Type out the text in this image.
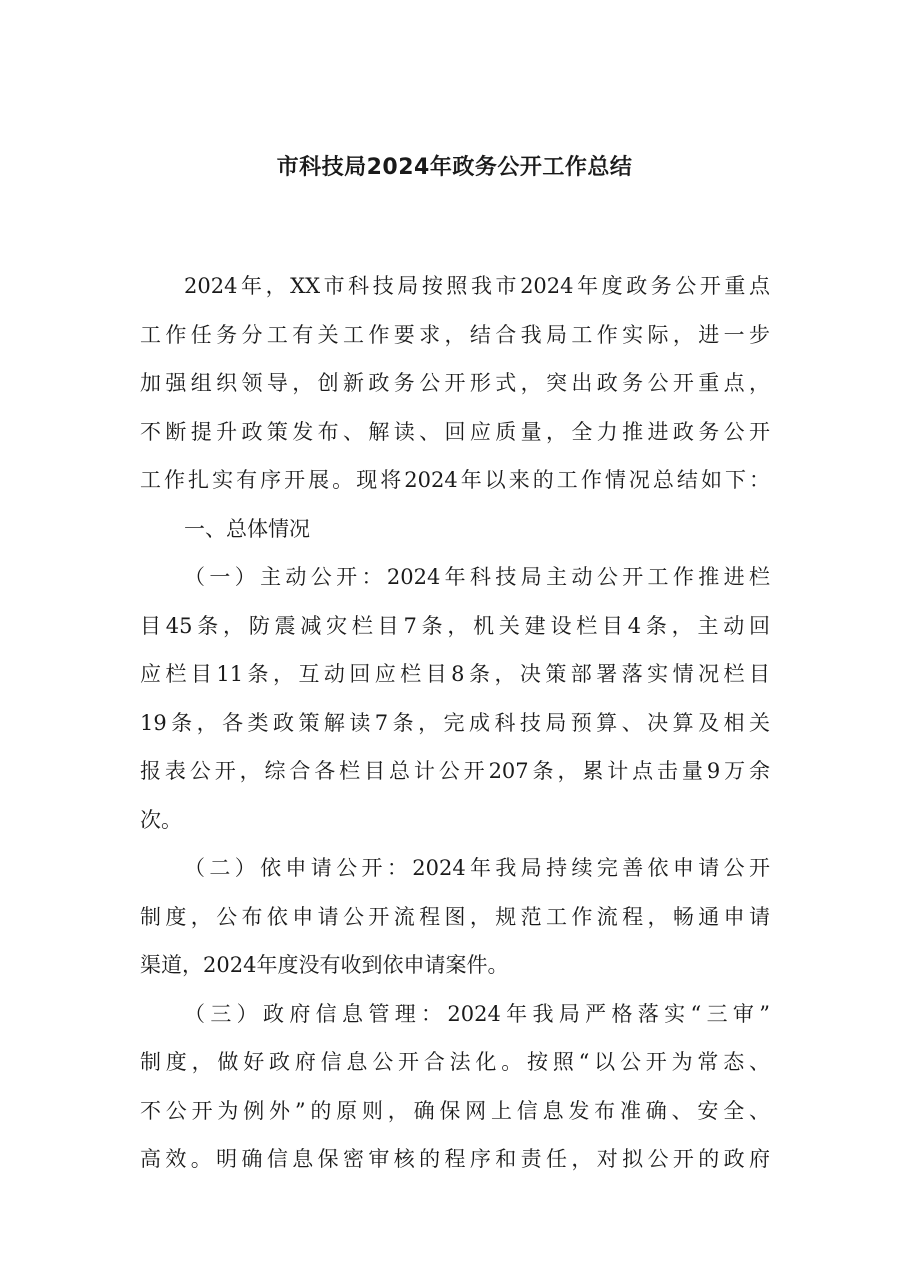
市科技局2024年政务公开工作总结
2024年，XX市科技局按照我市2024年度政务公开重点
工作任务分工有关工作要求，结合我局工作实际，进一步
加强组织领导，创新政务公开形式，突出政务公开重点，
不断提升政策发布、解读、回应质量，全力推进政务公开
工作扎实有序开展。现将2024年以来的工作情况总结如下：
一、总体情况
（一）主动公开：2024年科技局主动公开工作推进栏
目45条，防震减灾栏目7条，机关建设栏目4条，主动回
应栏目11条，互动回应栏目8条，决策部署落实情况栏目
19条，各类政策解读7条，完成科技局预算、决算及相关
报表公开，综合各栏目总计公开207条，累计点击量9万余
次。
（二）依申请公开：2024年我局持续完善依申请公开
制度，公布依申请公开流程图，规范工作流程，畅通申请
渠道，2024年度没有收到依申请案件。
（三）政府信息管理：2024年我局严格落实“三审”
制度，做好政府信息公开合法化。按照“以公开为常态、
不公开为例外”的原则，确保网上信息发布准确、安全、
高效。明确信息保密审核的程序和责任，对拟公开的政府
